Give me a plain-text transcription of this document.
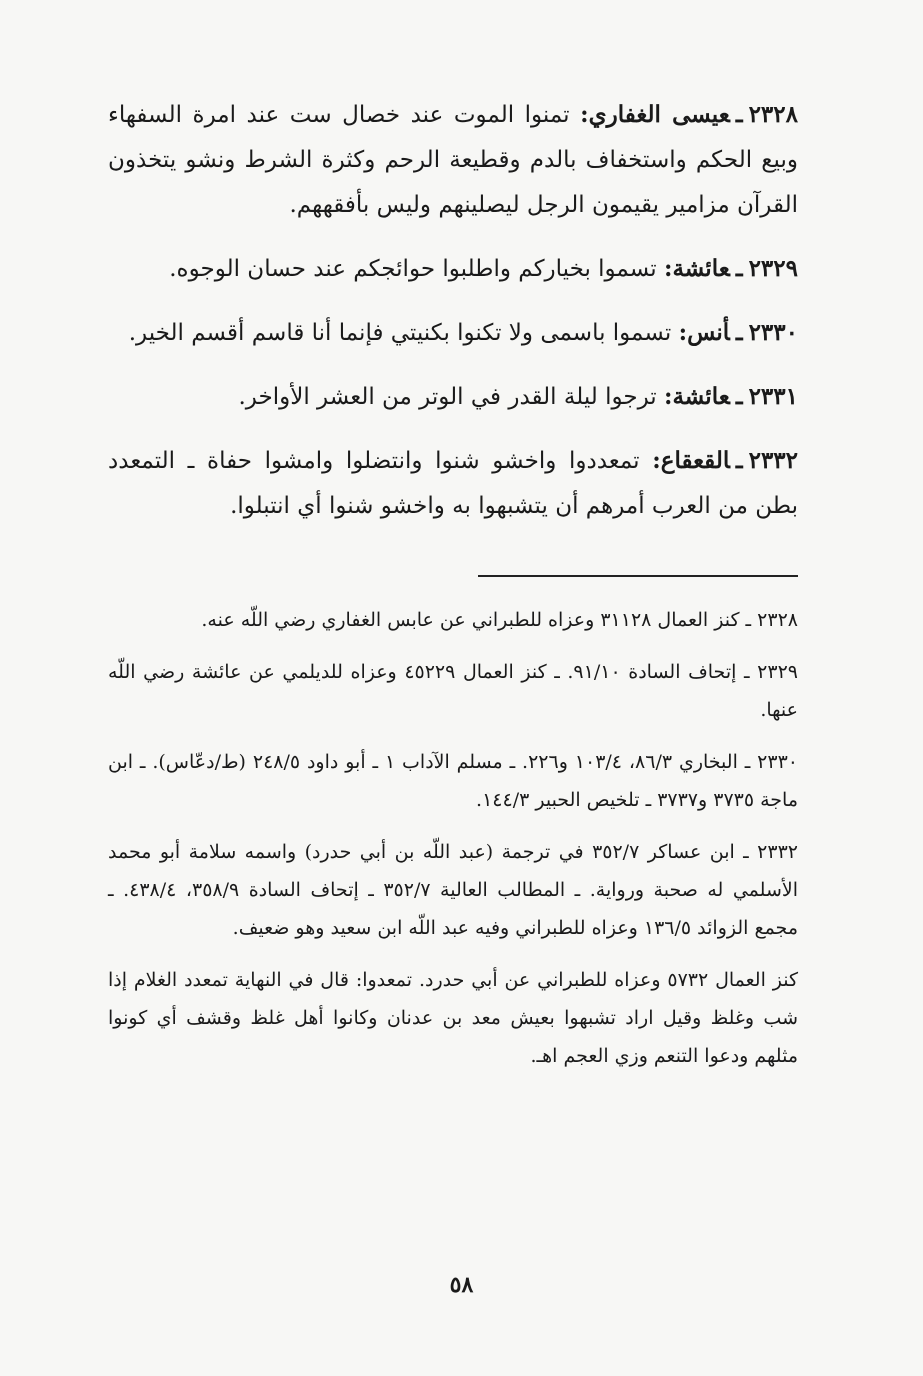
٢٣٢٨ـعيسى الغفاري: تمنوا الموت عند خصال ست عند امرة السفهاء وبيع الحكم واستخفاف بالدم وقطيعة الرحم وكثرة الشرط ونشو يتخذون القرآن مزامير يقيمون الرجل ليصلينهم وليس بأفقههم.

٢٣٢٩ـعائشة: تسموا بخياركم واطلبوا حوائجكم عند حسان الوجوه.

٢٣٣٠ـأنس: تسموا باسمى ولا تكنوا بكنيتي فإنما أنا قاسم أقسم الخير.

٢٣٣١ـعائشة: ترجوا ليلة القدر في الوتر من العشر الأواخر.

٢٣٣٢ـالقعقاع: تمعددوا واخشو شنوا وانتضلوا وامشوا حفاة ـ التمعدد بطن من العرب أمرهم أن يتشبهوا به واخشو شنوا أي انتبلوا.

٢٣٢٨ ـ كنز العمال ٣١١٢٨ وعزاه للطبراني عن عابس الغفاري رضي اللّه عنه.

٢٣٢٩ ـ إتحاف السادة ٩١/١٠. ـ كنز العمال ٤٥٢٢٩ وعزاه للديلمي عن عائشة رضي اللّه عنها.

٢٣٣٠ ـ البخاري ٨٦/٣، ١٠٣/٤ و٢٢٦. ـ مسلم الآداب ١ ـ أبو داود ٢٤٨/٥ (ط/دعّاس). ـ ابن ماجة ٣٧٣٥ و٣٧٣٧ ـ تلخيص الحبير ١٤٤/٣.

٢٣٣٢ ـ ابن عساكر ٣٥٢/٧ في ترجمة (عبد اللّه بن أبي حدرد) واسمه سلامة أبو محمد الأسلمي له صحبة ورواية. ـ المطالب العالية ٣٥٢/٧ ـ إتحاف السادة ٣٥٨/٩، ٤٣٨/٤. ـ مجمع الزوائد ١٣٦/٥ وعزاه للطبراني وفيه عبد اللّه ابن سعيد وهو ضعيف.

كنز العمال ٥٧٣٢ وعزاه للطبراني عن أبي حدرد. تمعدوا: قال في النهاية تمعدد الغلام إذا شب وغلظ وقيل اراد تشبهوا بعيش معد بن عدنان وكانوا أهل غلظ وقشف أي كونوا مثلهم ودعوا التنعم وزي العجم اهـ.

٥٨
